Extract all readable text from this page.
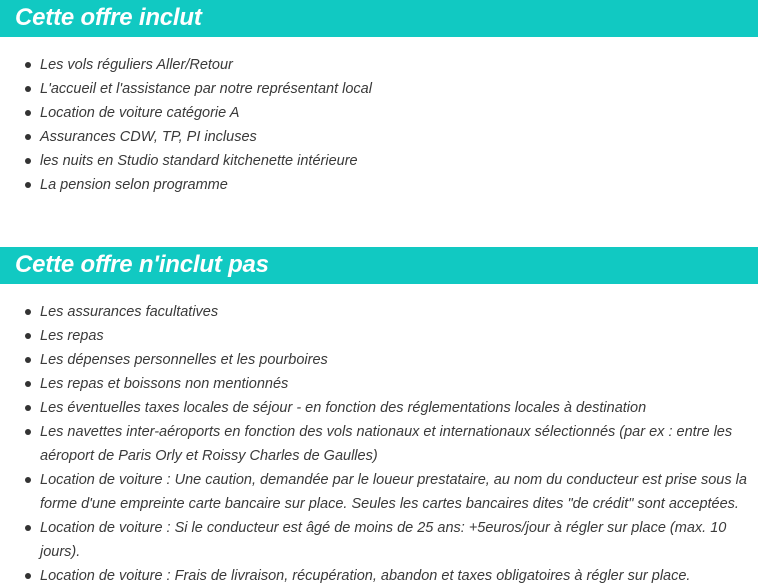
Cette offre inclut
Les vols réguliers Aller/Retour
L'accueil et l'assistance par notre représentant local
Location de voiture catégorie A
Assurances CDW, TP, PI incluses
les nuits en Studio standard kitchenette intérieure
La pension selon programme
Cette offre n'inclut pas
Les assurances facultatives
Les repas
Les dépenses personnelles et les pourboires
Les repas et boissons non mentionnés
Les éventuelles taxes locales de séjour - en fonction des réglementations locales à destination
Les navettes inter-aéroports en fonction des vols nationaux et internationaux sélectionnés (par ex : entre les aéroport de Paris Orly et Roissy Charles de Gaulles)
Location de voiture : Une caution, demandée par le loueur prestataire, au nom du conducteur est prise sous la forme d'une empreinte carte bancaire sur place. Seules les cartes bancaires dites "de crédit" sont acceptées.
Location de voiture : Si le conducteur est âgé de moins de 25 ans: +5euros/jour à régler sur place (max. 10 jours).
Location de voiture : Frais de livraison, récupération, abandon et taxes obligatoires à régler sur place.
